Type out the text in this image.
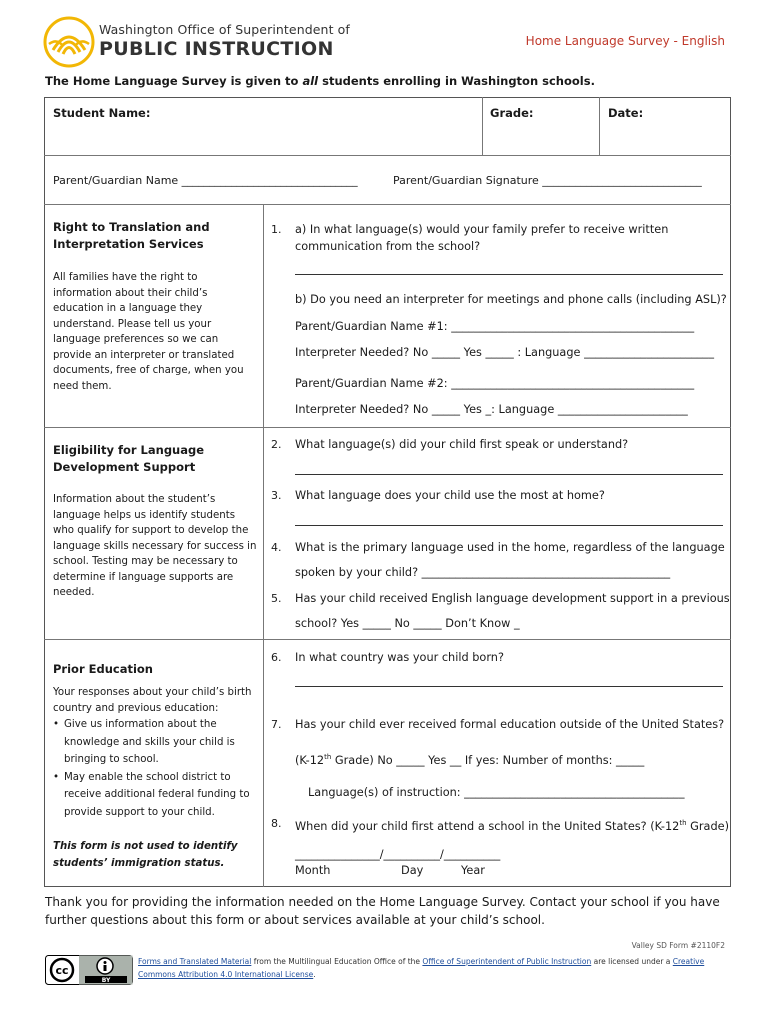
Washington Office of Superintendent of
PUBLIC INSTRUCTION	Home Language Survey - English
The Home Language Survey is given to all students enrolling in Washington schools.
Student Name:	Grade:	Date:
Parent/Guardian Name ________________________________	Parent/Guardian Signature _____________________________
Right to Translation and
Interpretation Services
All families have the right to information about their child’s education in a language they understand. Please tell us your language preferences so we can provide an interpreter or translated documents, free of charge, when you need them.
1. a) In what language(s) would your family prefer to receive written
communication from the school?
b) Do you need an interpreter for meetings and phone calls (including ASL)?
Parent/Guardian Name #1: ___________________________________________
Interpreter Needed? No _____ Yes _____ : Language _______________________
Parent/Guardian Name #2: ___________________________________________
Interpreter Needed? No _____ Yes _: Language _______________________
Eligibility for Language
Development Support
Information about the student’s language helps us identify students who qualify for support to develop the language skills necessary for success in school. Testing may be necessary to determine if language supports are needed.
2. What language(s) did your child first speak or understand?
3. What language does your child use the most at home?
4. What is the primary language used in the home, regardless of the language
spoken by your child? ____________________________________________
5. Has your child received English language development support in a previous
school? Yes _____ No _____ Don’t Know _
Prior Education
Your responses about your child’s birth country and previous education:
• Give us information about the knowledge and skills your child is bringing to school.
• May enable the school district to receive additional federal funding to provide support to your child.
This form is not used to identify
students’ immigration status.
6. In what country was your child born?
7. Has your child ever received formal education outside of the United States?
(K-12th Grade) No _____ Yes __ If yes: Number of months: _____
Language(s) of instruction: _______________________________________
8. When did your child first attend a school in the United States? (K-12th Grade)
_______________/__________/__________
Month	Day	Year
Thank you for providing the information needed on the Home Language Survey. Contact your school if you have further questions about this form or about services available at your child’s school.
Valley SD Form #2110F2
cc
BY
Forms and Translated Material from the Multilingual Education Office of the Office of Superintendent of Public Instruction are licensed under a Creative Commons Attribution 4.0 International License.
